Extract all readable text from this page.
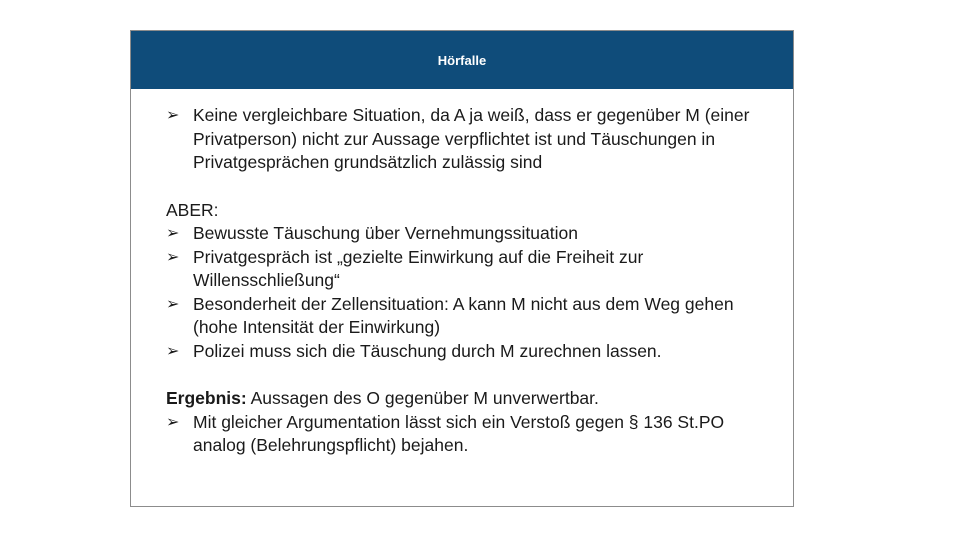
Hörfalle
➢ Keine vergleichbare Situation, da A ja weiß, dass er gegenüber M (einer Privatperson) nicht zur Aussage verpflichtet ist und Täuschungen in Privatgesprächen grundsätzlich zulässig sind

ABER:

➢ Bewusste Täuschung über Vernehmungssituation
➢ Privatgespräch ist „gezielte Einwirkung auf die Freiheit zur Willensschließung“
➢ Besonderheit der Zellensituation: A kann M nicht aus dem Weg gehen (hohe Intensität der Einwirkung)
➢ Polizei muss sich die Täuschung durch M zurechnen lassen.

Ergebnis: Aussagen des O gegenüber M unverwertbar.

➢ Mit gleicher Argumentation lässt sich ein Verstoß gegen § 136 St.PO analog (Belehrungspflicht) bejahen.
